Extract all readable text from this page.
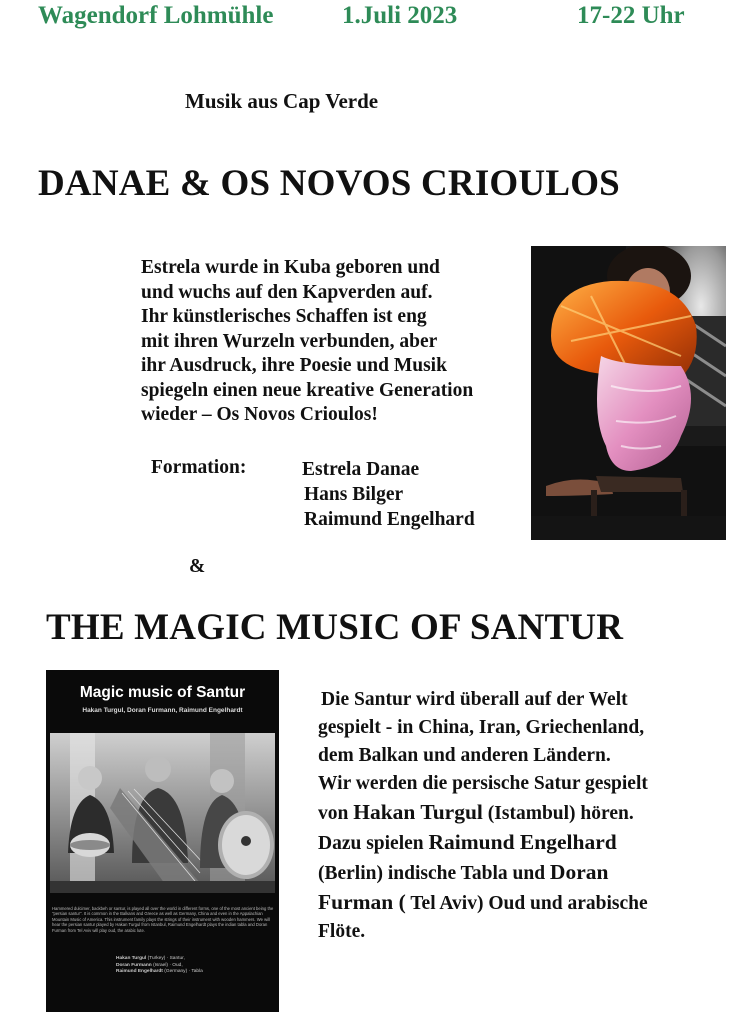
Wagendorf Lohmühle	1.Juli 2023	17-22 Uhr
Musik aus Cap Verde
DANAE & OS NOVOS CRIOULOS
Estrela wurde in Kuba geboren und
und wuchs auf den Kapverden auf.
Ihr künstlerisches Schaffen ist eng
mit ihren Wurzeln verbunden, aber
ihr Ausdruck, ihre Poesie und Musik
spiegeln einen neue kreative Generation
wieder – Os Novos Crioulos!
Formation:	Estrela Danae
Hans Bilger
Raimund Engelhard
&
THE MAGIC MUSIC OF SANTUR
Magic music of Santur
Hakan Turgul, Doran Furmann, Raimund Engelhardt
Hammered dulcimer, backbeh or santur, is played all over the world in different forms, one of the most ancient being the "persian santur". It is common in the Balkans and Greece as well as Germany, China and even in the Appalachian Mountain Music of America. This instrument family plays the strings of their instrument with wooden hammers. We will hear the persian santur played by Hakan Turgul from Istanbul, Raimund Engelhardt plays the indian tabla and Doran Furman from Tel Aviv will play oud, the arabic lute.
Hakan Turgul (Turkey) · Santur,
Doran Furmann (Israel) · Oud,
Raimund Engelhardt (Germany) · Tabla
Die Santur wird überall auf der Welt
gespielt - in China, Iran, Griechenland,
dem Balkan und anderen Ländern.
Wir werden die persische Satur gespielt
von Hakan Turgul (Istambul) hören.
Dazu spielen Raimund Engelhard
(Berlin) indische Tabla und Doran
Furman ( Tel Aviv) Oud und arabische
Flöte.
